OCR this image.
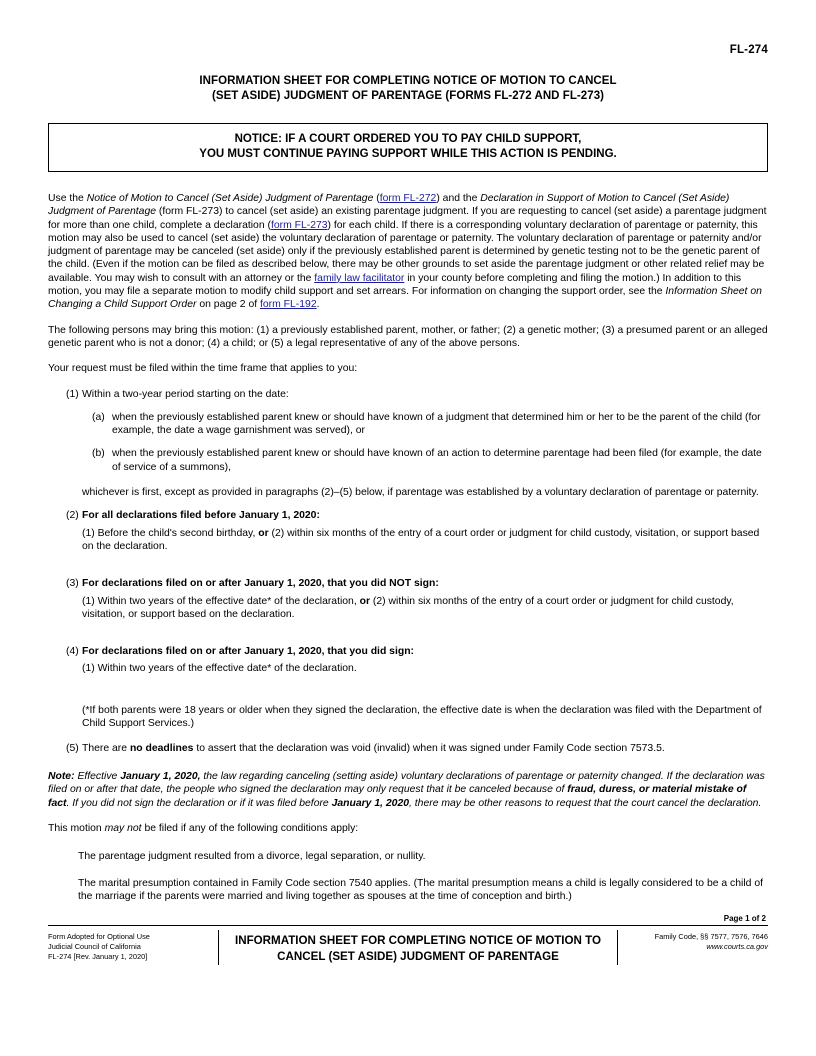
FL-274
INFORMATION SHEET FOR COMPLETING NOTICE OF MOTION TO CANCEL
(SET ASIDE) JUDGMENT OF PARENTAGE (FORMS FL-272 AND FL-273)
NOTICE: IF A COURT ORDERED YOU TO PAY CHILD SUPPORT,
YOU MUST CONTINUE PAYING SUPPORT WHILE THIS ACTION IS PENDING.

Use the Notice of Motion to Cancel (Set Aside) Judgment of Parentage (form FL-272) and the Declaration in Support of Motion to Cancel (Set Aside) Judgment of Parentage (form FL-273) to cancel (set aside) an existing parentage judgment. If you are requesting to cancel (set aside) a parentage judgment for more than one child, complete a declaration (form FL-273) for each child. If there is a corresponding voluntary declaration of parentage or paternity, this motion may also be used to cancel (set aside) the voluntary declaration of parentage or paternity. The voluntary declaration of parentage or paternity and/or judgment of parentage may be canceled (set aside) only if the previously established parent is determined by genetic testing not to be the genetic parent of the child. (Even if the motion can be filed as described below, there may be other grounds to set aside the parentage judgment or other related relief may be available. You may wish to consult with an attorney or the family law facilitator in your county before completing and filing the motion.) In addition to this motion, you may file a separate motion to modify child support and set arrears. For information on changing the support order, see the Information Sheet on Changing a Child Support Order on page 2 of form FL-192.

The following persons may bring this motion: (1) a previously established parent, mother, or father; (2) a genetic mother; (3) a presumed parent or an alleged genetic parent who is not a donor; (4) a child; or (5) a legal representative of any of the above persons.

Your request must be filed within the time frame that applies to you:

(1) Within a two-year period starting on the date:
(a) when the previously established parent knew or should have known of a judgment that determined him or her to be the parent of the child (for example, the date a wage garnishment was served), or
(b) when the previously established parent knew or should have known of an action to determine parentage had been filed (for example, the date of service of a summons),
whichever is first, except as provided in paragraphs (2)–(5) below, if parentage was established by a voluntary declaration of parentage or paternity.
(2) For all declarations filed before January 1, 2020:
(1) Before the child's second birthday, or (2) within six months of the entry of a court order or judgment for child custody, visitation, or support based on the declaration.
(3) For declarations filed on or after January 1, 2020, that you did NOT sign:
(1) Within two years of the effective date* of the declaration, or (2) within six months of the entry of a court order or judgment for child custody, visitation, or support based on the declaration.
(4) For declarations filed on or after January 1, 2020, that you did sign:
(1) Within two years of the effective date* of the declaration.
(*If both parents were 18 years or older when they signed the declaration, the effective date is when the declaration was filed with the Department of Child Support Services.)
(5) There are no deadlines to assert that the declaration was void (invalid) when it was signed under Family Code section 7573.5.
Note: Effective January 1, 2020, the law regarding canceling (setting aside) voluntary declarations of parentage or paternity changed. If the declaration was filed on or after that date, the people who signed the declaration may only request that it be canceled because of fraud, duress, or material mistake of fact. If you did not sign the declaration or if it was filed before January 1, 2020, there may be other reasons to request that the court cancel the declaration.

This motion may not be filed if any of the following conditions apply:

The parentage judgment resulted from a divorce, legal separation, or nullity.
The marital presumption contained in Family Code section 7540 applies. (The marital presumption means a child is legally considered to be a child of the marriage if the parents were married and living together as spouses at the time of conception and birth.)
Page 1 of 2
Form Adopted for Optional Use
Judicial Council of California
FL-274 [Rev. January 1, 2020]
INFORMATION SHEET FOR COMPLETING NOTICE OF MOTION TO
CANCEL (SET ASIDE) JUDGMENT OF PARENTAGE
Family Code, §§ 7577, 7576, 7646
www.courts.ca.gov
